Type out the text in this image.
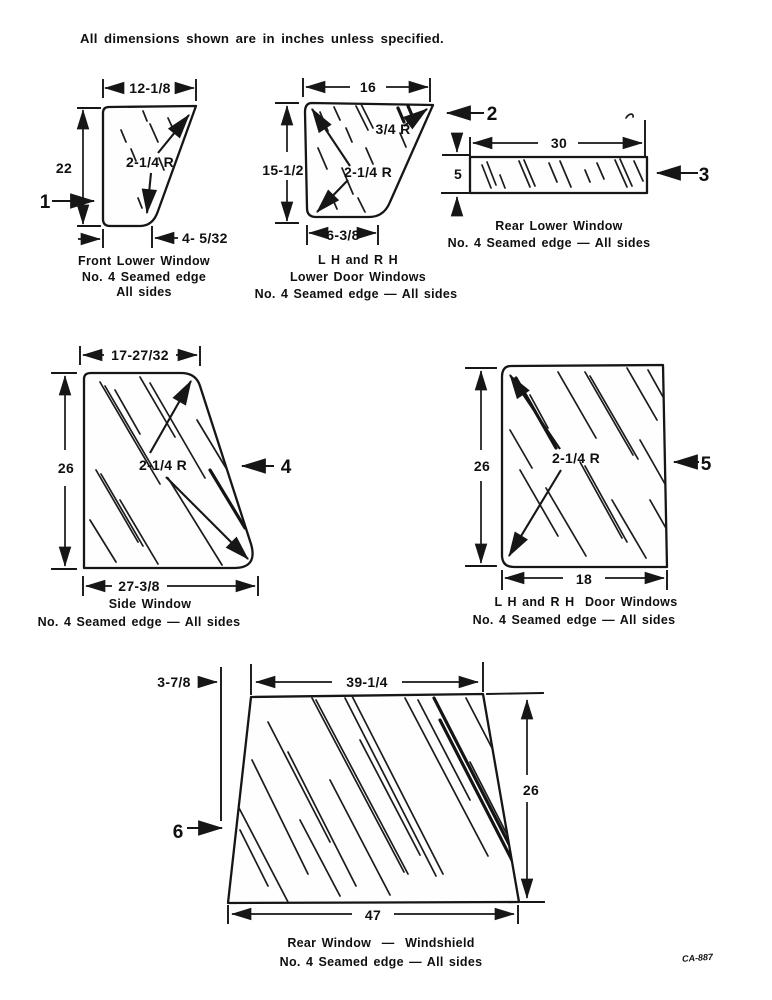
All dimensions shown are in inches unless specified.
12-1/8
22	2-1/4 R
4- 5/32
1
Front Lower Window
No. 4 Seamed edge
All sides
16
15-1/2
3/4 R
2-1/4 R
6-3/8
2
L H and R H
Lower Door Windows
No. 4 Seamed edge — All sides
30
5	3
Rear Lower Window
No. 4 Seamed edge — All sides
17-27/32
26	2-1/4 R
27-3/8
4
Side Window
No. 4 Seamed edge — All sides
26	2-1/4 R
18
5
L H and R H  Door Windows
No. 4 Seamed edge — All sides
3-7/8	39-1/4
26
47
6
Rear Window  —  Windshield
No. 4 Seamed edge — All sides	CA-887
